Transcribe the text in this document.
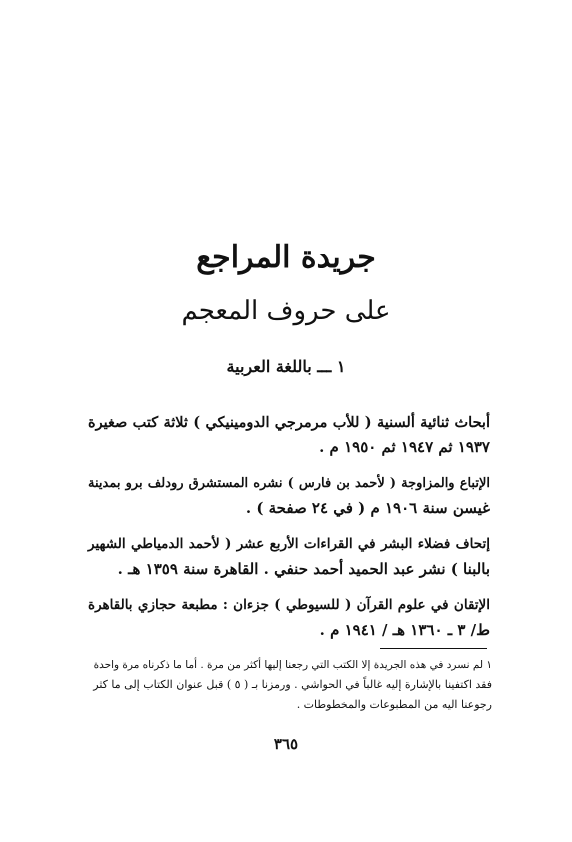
جريدة المراجع
على حروف المعجم
١ ـــ باللغة العربية
أبحاث ثنائية ألسنية ( للأب مرمرجي الدومينيكي ) ثلاثة كتب صغيرة
١٩٣٧ ثم ١٩٤٧ ثم ١٩٥٠ م .
الإتباع والمزاوجة ( لأحمد بن فارس ) نشره المستشرق رودلف برو بمدينة
غيسن سنة ١٩٠٦ م ( في ٢٤ صفحة ) .
إتحاف فضلاء البشر في القراءات الأربع عشر ( لأحمد الدمياطي الشهير
بالبنا ) نشر عبد الحميد أحمد حنفي . القاهرة سنة ١٣٥٩ هـ .
الإتقان في علوم القرآن ( للسيوطي ) جزءان : مطبعة حجازي بالقاهرة
ط/ ٣ ـ ١٣٦٠ هـ / ١٩٤١ م .
١ لم نسرد في هذه الجريدة إلا الكتب التي رجعنا إليها أكثر من مرة . أما ما ذكرناه مرة واحدة
فقد اكتفينا بالإشارة إليه غالباً في الحواشي . ورمزنا بـ ( ٥ ) قبل عنوان الكتاب إلى ما كثر
رجوعنا اليه من المطبوعات والمخطوطات .
٣٦٥
